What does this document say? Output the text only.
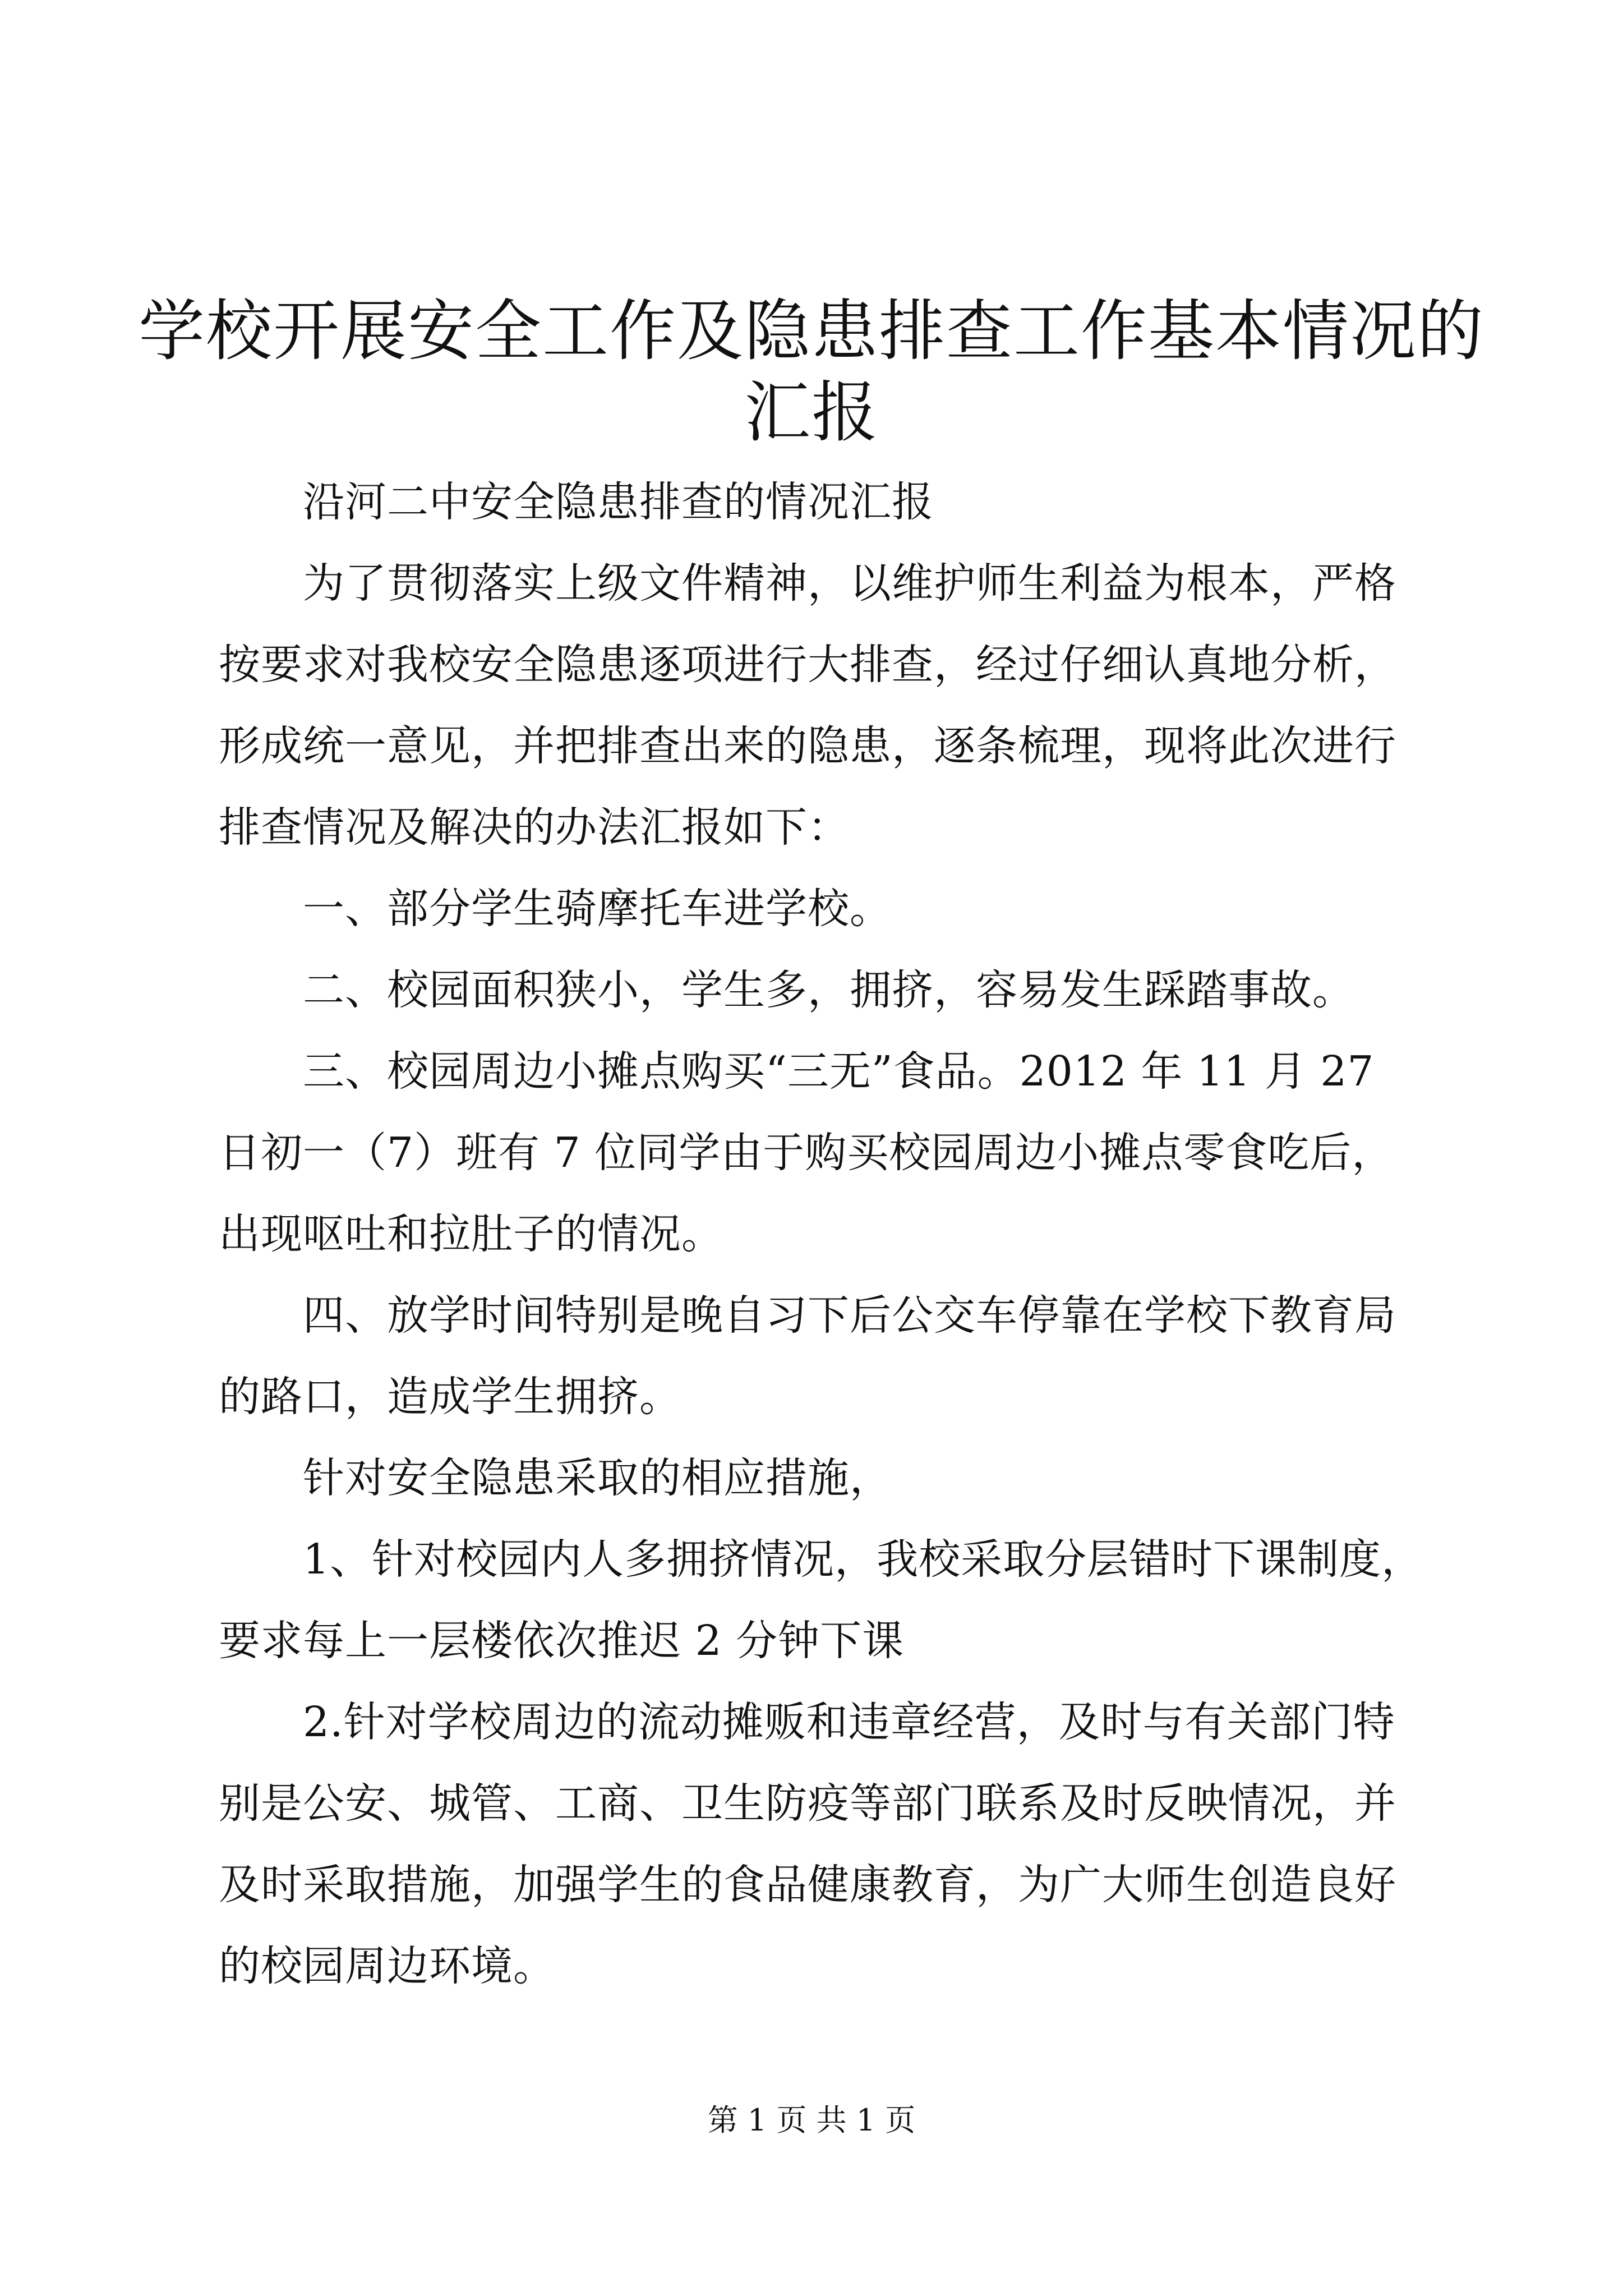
学校开展安全工作及隐患排查工作基本情况的
汇报
沿河二中安全隐患排查的情况汇报
为了贯彻落实上级文件精神，以维护师生利益为根本，严格
按要求对我校安全隐患逐项进行大排查，经过仔细认真地分析，
形成统一意见，并把排查出来的隐患，逐条梳理，现将此次进行
排查情况及解决的办法汇报如下：
一、部分学生骑摩托车进学校。
二、校园面积狭小，学生多，拥挤，容易发生踩踏事故。
三、校园周边小摊点购买“三无”食品。2012 年 11 月 27
日初一（7）班有 7 位同学由于购买校园周边小摊点零食吃后，
出现呕吐和拉肚子的情况。
四、放学时间特别是晚自习下后公交车停靠在学校下教育局
的路口，造成学生拥挤。
针对安全隐患采取的相应措施，
1、针对校园内人多拥挤情况，我校采取分层错时下课制度，
要求每上一层楼依次推迟 2 分钟下课
2.针对学校周边的流动摊贩和违章经营，及时与有关部门特
别是公安、城管、工商、卫生防疫等部门联系及时反映情况，并
及时采取措施，加强学生的食品健康教育，为广大师生创造良好
的校园周边环境。
第 1 页 共 1 页
